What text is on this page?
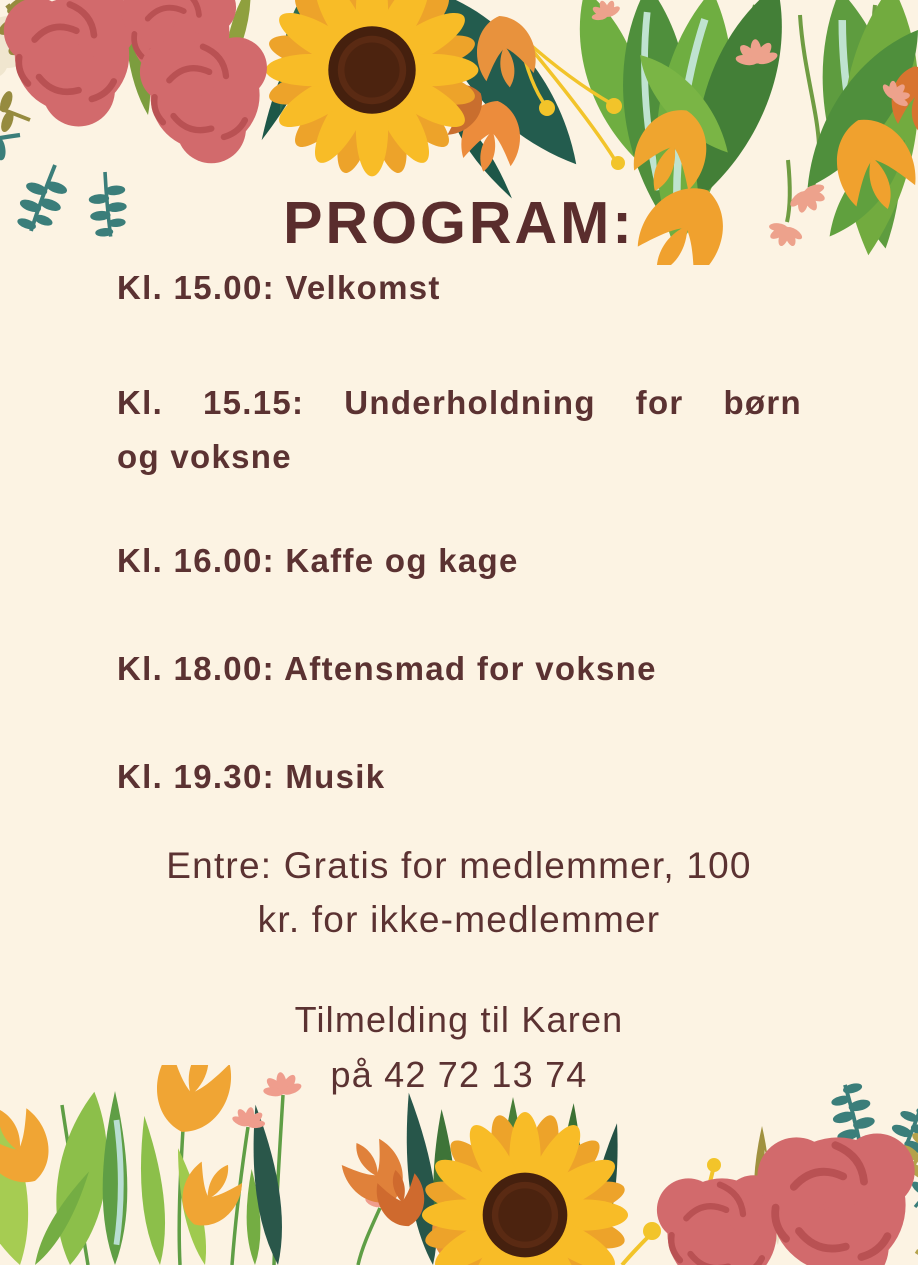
PROGRAM:
Kl. 15.00: Velkomst
Kl. 15.15: Underholdning for børn
og voksne
Kl. 16.00: Kaffe og kage
Kl. 18.00: Aftensmad for voksne
Kl. 19.30: Musik
Entre: Gratis for medlemmer, 100
kr. for ikke-medlemmer
Tilmelding til Karen
på 42 72 13 74
